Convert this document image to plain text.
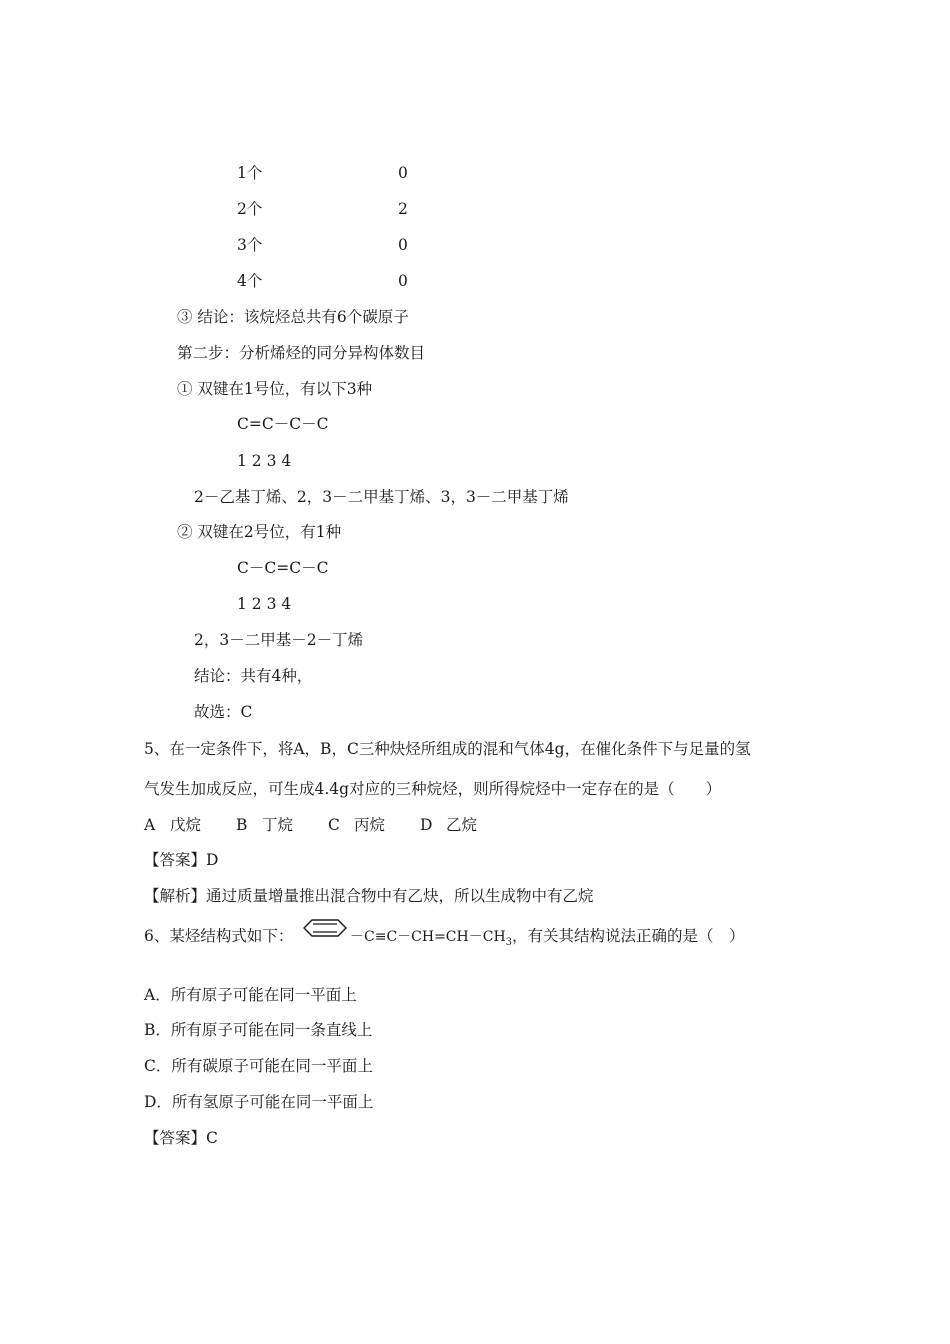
1个	0
2个	2
3个	0
4个	0
③ 结论：该烷烃总共有6个碳原子
第二步：分析烯烃的同分异构体数目
① 双键在1号位，有以下3种
C=C－C－C
1 2 3 4
2－乙基丁烯、2，3－二甲基丁烯、3，3－二甲基丁烯
② 双键在2号位，有1种
C－C=C－C
1 2 3 4
2，3－二甲基－2－丁烯
结论：共有4种，
故选：C
5、在一定条件下，将A，B，C三种炔烃所组成的混和气体4g，在催化条件下与足量的氢
气发生加成反应，可生成4.4g对应的三种烷烃，则所得烷烃中一定存在的是（　　）
A 戊烷 B 丁烷 C 丙烷 D 乙烷
【答案】D
【解析】通过质量增量推出混合物中有乙炔，所以生成物中有乙烷
6、某烃结构式如下：	$-C\equiv C-CH=CH-CH_3$，有关其结构说法正确的是（　）
A．所有原子可能在同一平面上
B．所有原子可能在同一条直线上
C．所有碳原子可能在同一平面上
D．所有氢原子可能在同一平面上
【答案】C
